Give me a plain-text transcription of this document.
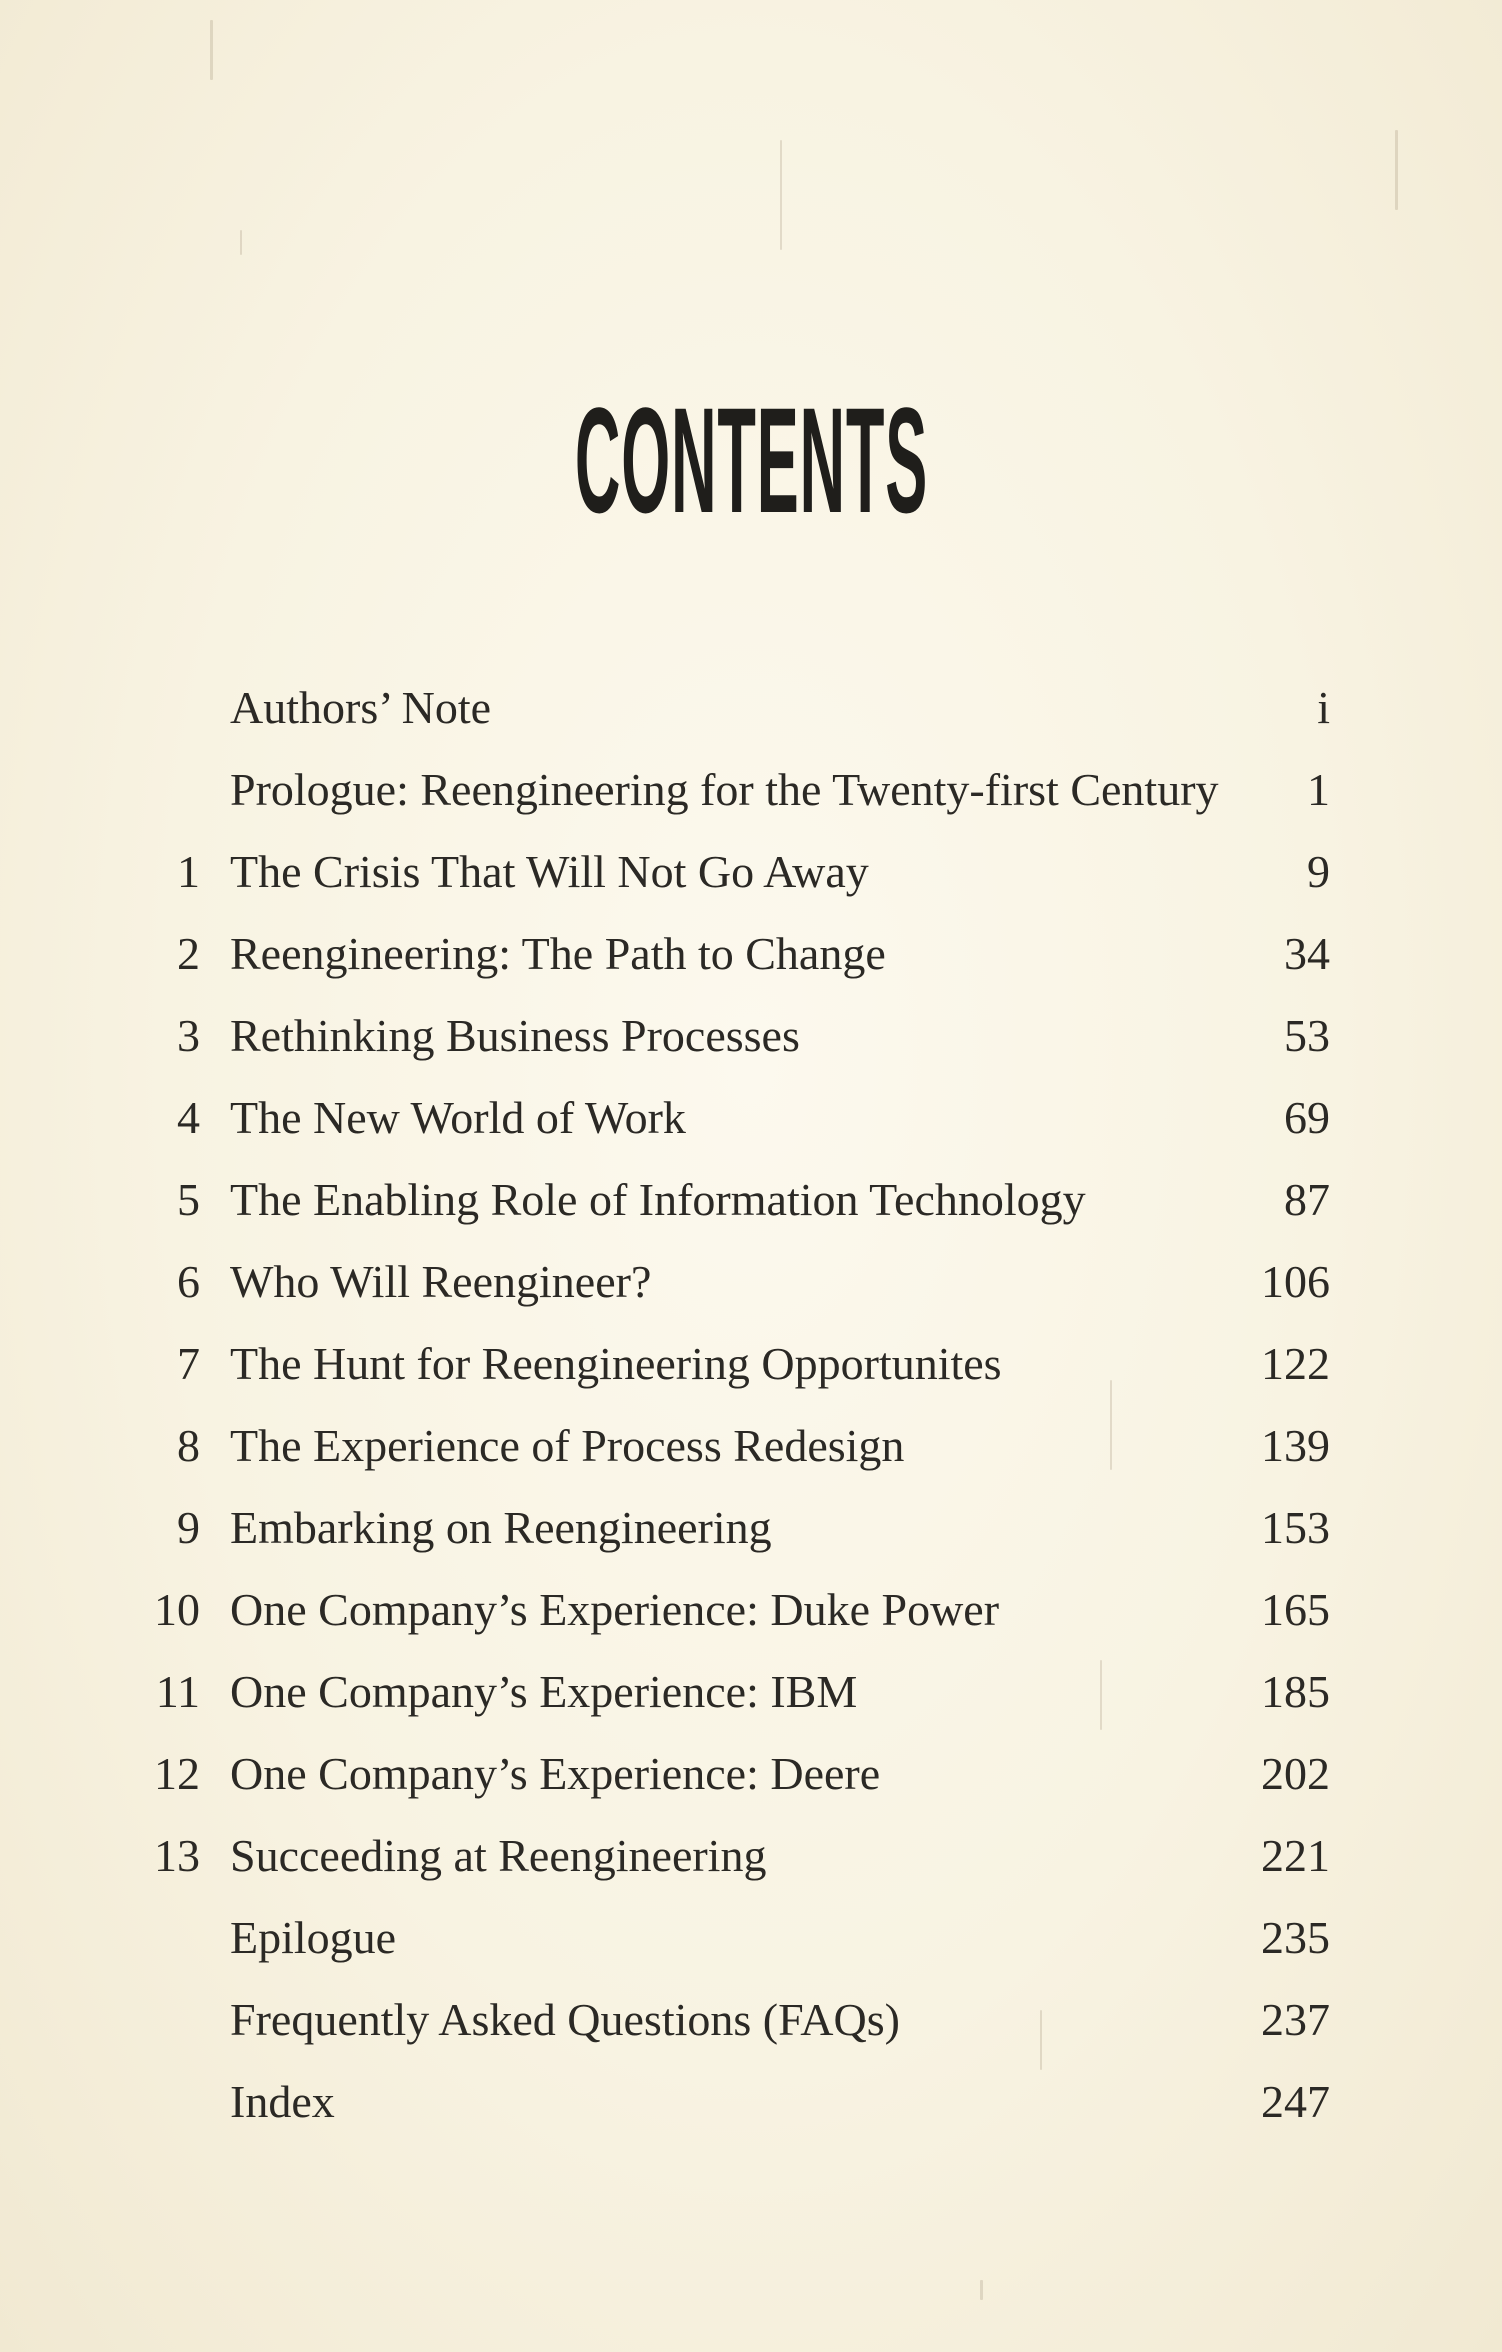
CONTENTS
Authors’ Note	i
Prologue: Reengineering for the Twenty-first Century	1
1 The Crisis That Will Not Go Away	9
2 Reengineering: The Path to Change	34
3 Rethinking Business Processes	53
4 The New World of Work	69
5 The Enabling Role of Information Technology	87
6 Who Will Reengineer?	106
7 The Hunt for Reengineering Opportunites	122
8 The Experience of Process Redesign	139
9 Embarking on Reengineering	153
10 One Company’s Experience: Duke Power	165
11 One Company’s Experience: IBM	185
12 One Company’s Experience: Deere	202
13 Succeeding at Reengineering	221
Epilogue	235
Frequently Asked Questions (FAQs)	237
Index	247
